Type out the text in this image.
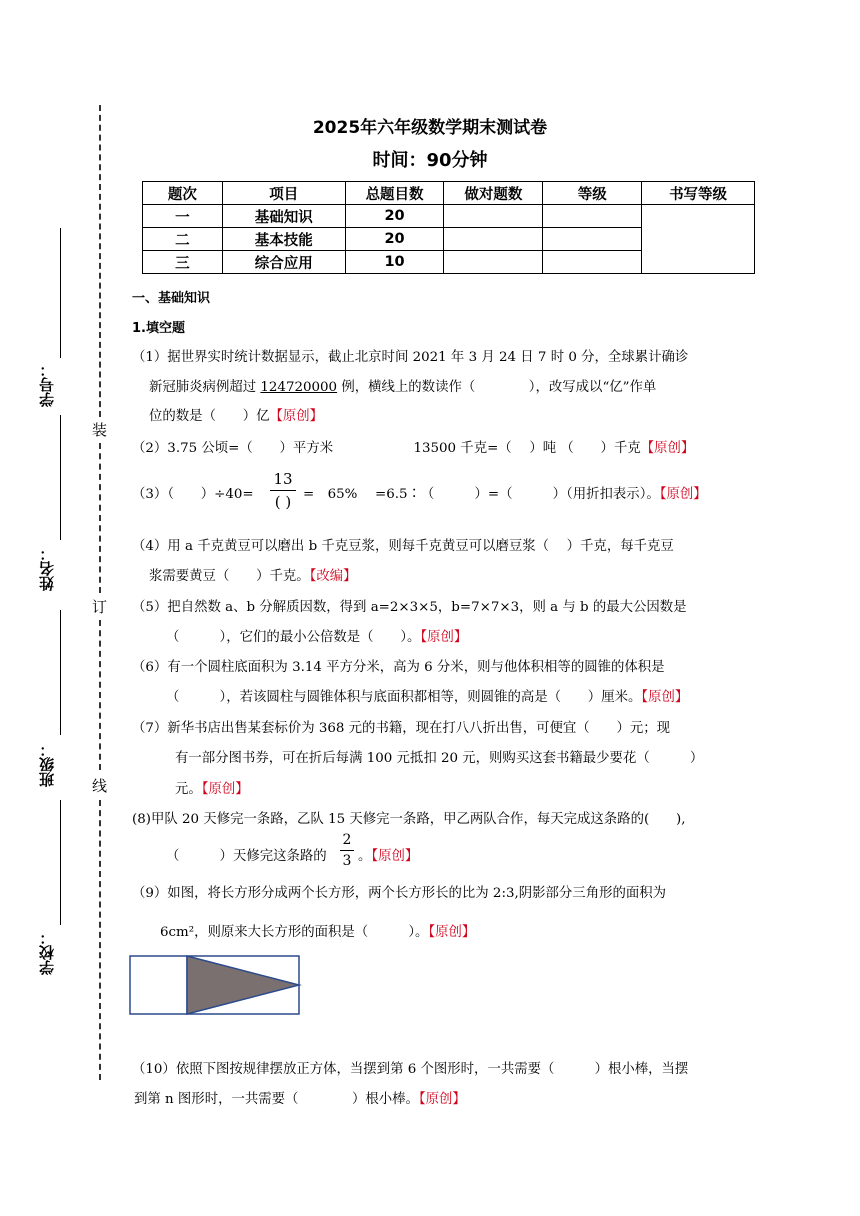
装
订
线
学号：
姓名：
班级：
学校：
2025年六年级数学期末测试卷
时间：90分钟
题次	项目	总题目数	做对题数	等级	书写等级
一	基础知识	20			
二	基本技能	20			
三	综合应用	10			
一、基础知识
1.填空题
（1）据世界实时统计数据显示，截止北京时间 2021 年 3 月 24 日 7 时 0 分，全球累计确诊
新冠肺炎病例超过 124720000 例，横线上的数读作（　　　　），改写成以“亿”作单
位的数是（　　）亿【原创】
（2）3.75 公顷=（　　）平方米　　　　　　13500 千克=（　 ）吨 （　　）千克【原创】
（3）（　　）÷40=
13
( ) =　65%　 =6.5∶（　　　）=（　　　）（用折扣表示）。【原创】
（4）用 a 千克黄豆可以磨出 b 千克豆浆，则每千克黄豆可以磨豆浆（　 ）千克，每千克豆
浆需要黄豆（　　）千克。【改编】
（5）把自然数 a、b 分解质因数，得到 a=2×3×5，b=7×7×3，则 a 与 b 的最大公因数是
（　　　），它们的最小公倍数是（　　）。【原创】
（6）有一个圆柱底面积为 3.14 平方分米，高为 6 分米，则与他体积相等的圆锥的体积是
（　　　），若该圆柱与圆锥体积与底面积都相等，则圆锥的高是（　　）厘米。【原创】
（7）新华书店出售某套标价为 368 元的书籍，现在打八八折出售，可便宜（　　）元；现
有一部分图书券，可在折后每满 100 元抵扣 20 元，则购买这套书籍最少要花（　　　）
元。【原创】
(8)甲队 20 天修完一条路，乙队 15 天修完一条路，甲乙两队合作，每天完成这条路的(　　),
（　　　）天修完这条路的
2
3 。【原创】
（9）如图，将长方形分成两个长方形，两个长方形长的比为 2:3,阴影部分三角形的面积为
6cm²，则原来大长方形的面积是（　　　）。【原创】
（10）依照下图按规律摆放正方体，当摆到第 6 个图形时，一共需要（　　　）根小棒，当摆
到第 n 图形时，一共需要（　　　　）根小棒。【原创】
